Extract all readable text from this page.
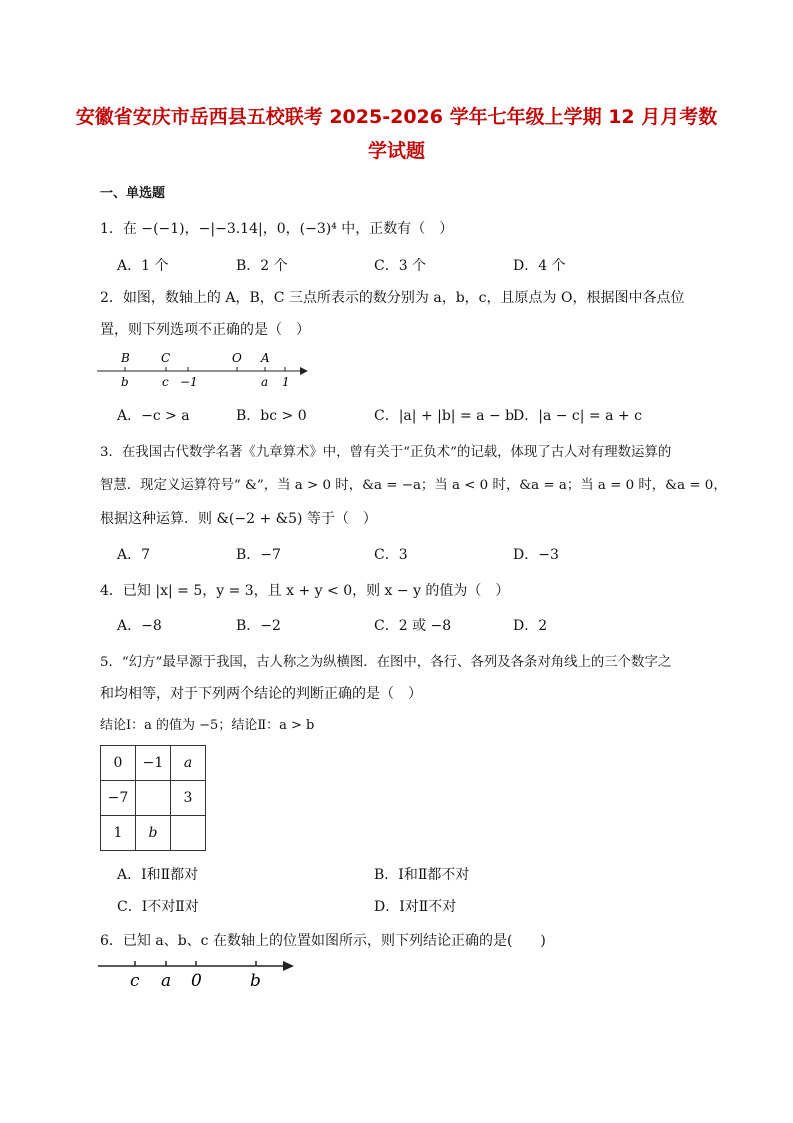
安徽省安庆市岳西县五校联考 2025-2026 学年七年级上学期 12 月月考数
学试题
一、单选题
1．在 −(−1)，−|−3.14|，0，(−3)⁴ 中，正数有（　）
A．1 个	B．2 个	C．3 个	D．4 个
2．如图，数轴上的 A，B，C 三点所表示的数分别为 a，b，c，且原点为 O，根据图中各点位
置，则下列选项不正确的是（　）
B	C	O A
b	c −1	a 1
A．−c > a	B．bc > 0	C．|a| + |b| = a − b
D．|a − c| = a + c
3．在我国古代数学名著《九章算术》中，曾有关于“正负术”的记载，体现了古人对有理数运算的
智慧．现定义运算符号“ &”，当 a > 0 时，&a = −a；当 a < 0 时，&a = a；当 a = 0 时，&a = 0，
根据这种运算．则 &(−2 + &5) 等于（　）
A．7	B．−7	C．3	D．−3
4．已知 |x| = 5，y = 3，且 x + y < 0，则 x − y 的值为（　）
A．−8	B．−2	C．2 或 −8	D．2
5．“幻方”最早源于我国，古人称之为纵横图．在图中，各行、各列及各条对角线上的三个数字之
和均相等，对于下列两个结论的判断正确的是（　）
结论Ⅰ：a 的值为 −5；结论Ⅱ：a > b
0	−1	a
−7		3
1	b	
A．Ⅰ和Ⅱ都对	B．Ⅰ和Ⅱ都不对
C．Ⅰ不对Ⅱ对	D．Ⅰ对Ⅱ不对
6．已知 a、b、c 在数轴上的位置如图所示，则下列结论正确的是(　　)
c a 0	b
